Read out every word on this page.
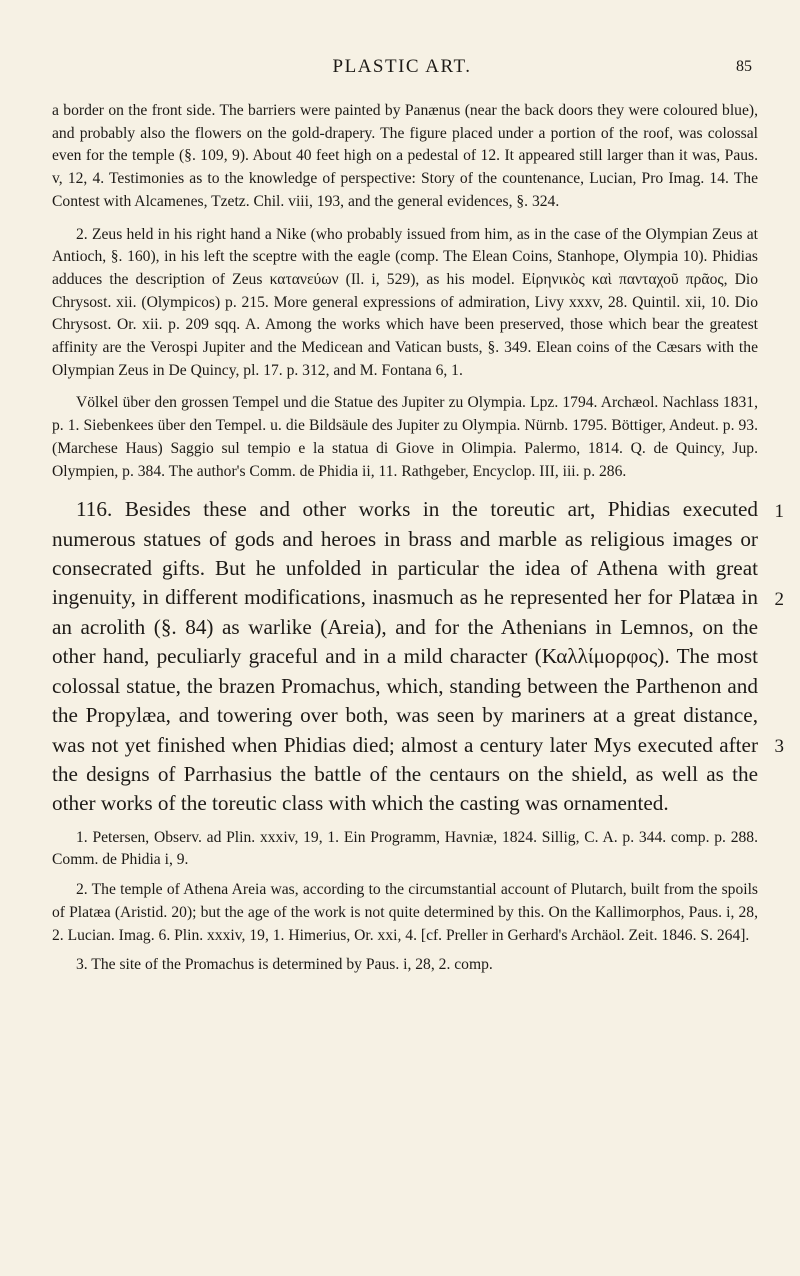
PLASTIC ART.	85

a border on the front side. The barriers were painted by Panænus (near the back doors they were coloured blue), and probably also the flowers on the gold-drapery. The figure placed under a portion of the roof, was colossal even for the temple (§. 109, 9). About 40 feet high on a pedestal of 12. It appeared still larger than it was, Paus. v, 12, 4. Testimonies as to the knowledge of perspective: Story of the countenance, Lucian, Pro Imag. 14. The Contest with Alcamenes, Tzetz. Chil. viii, 193, and the general evidences, §. 324.

2. Zeus held in his right hand a Nike (who probably issued from him, as in the case of the Olympian Zeus at Antioch, §. 160), in his left the sceptre with the eagle (comp. The Elean Coins, Stanhope, Olympia 10). Phidias adduces the description of Zeus κατανεύων (Il. i, 529), as his model. Εἰρηνικὸς καὶ πανταχοῦ πρᾶος, Dio Chrysost. xii. (Olympicos) p. 215. More general expressions of admiration, Livy xxxv, 28. Quintil. xii, 10. Dio Chrysost. Or. xii. p. 209 sqq. A. Among the works which have been preserved, those which bear the greatest affinity are the Verospi Jupiter and the Medicean and Vatican busts, §. 349. Elean coins of the Cæsars with the Olympian Zeus in De Quincy, pl. 17. p. 312, and M. Fontana 6, 1.

Völkel über den grossen Tempel und die Statue des Jupiter zu Olympia. Lpz. 1794. Archæol. Nachlass 1831, p. 1. Siebenkees über den Tempel. u. die Bildsäule des Jupiter zu Olympia. Nürnb. 1795. Böttiger, Andeut. p. 93. (Marchese Haus) Saggio sul tempio e la statua di Giove in Olimpia. Palermo, 1814. Q. de Quincy, Jup. Olympien, p. 384. The author's Comm. de Phidia ii, 11. Rathgeber, Encyclop. III, iii. p. 286.

1
2
3

116. Besides these and other works in the toreutic art, Phidias executed numerous statues of gods and heroes in brass and marble as religious images or consecrated gifts. But he unfolded in particular the idea of Athena with great ingenuity, in different modifications, inasmuch as he represented her for Platæa in an acrolith (§. 84) as warlike (Areia), and for the Athenians in Lemnos, on the other hand, peculiarly graceful and in a mild character (Καλλίμορφος). The most colossal statue, the brazen Promachus, which, standing between the Parthenon and the Propylæa, and towering over both, was seen by mariners at a great distance, was not yet finished when Phidias died; almost a century later Mys executed after the designs of Parrhasius the battle of the centaurs on the shield, as well as the other works of the toreutic class with which the casting was ornamented.

1. Petersen, Observ. ad Plin. xxxiv, 19, 1. Ein Programm, Havniæ, 1824. Sillig, C. A. p. 344. comp. p. 288. Comm. de Phidia i, 9.

2. The temple of Athena Areia was, according to the circumstantial account of Plutarch, built from the spoils of Platæa (Aristid. 20); but the age of the work is not quite determined by this. On the Kallimorphos, Paus. i, 28, 2. Lucian. Imag. 6. Plin. xxxiv, 19, 1. Himerius, Or. xxi, 4. [cf. Preller in Gerhard's Archäol. Zeit. 1846. S. 264].

3. The site of the Promachus is determined by Paus. i, 28, 2. comp.
